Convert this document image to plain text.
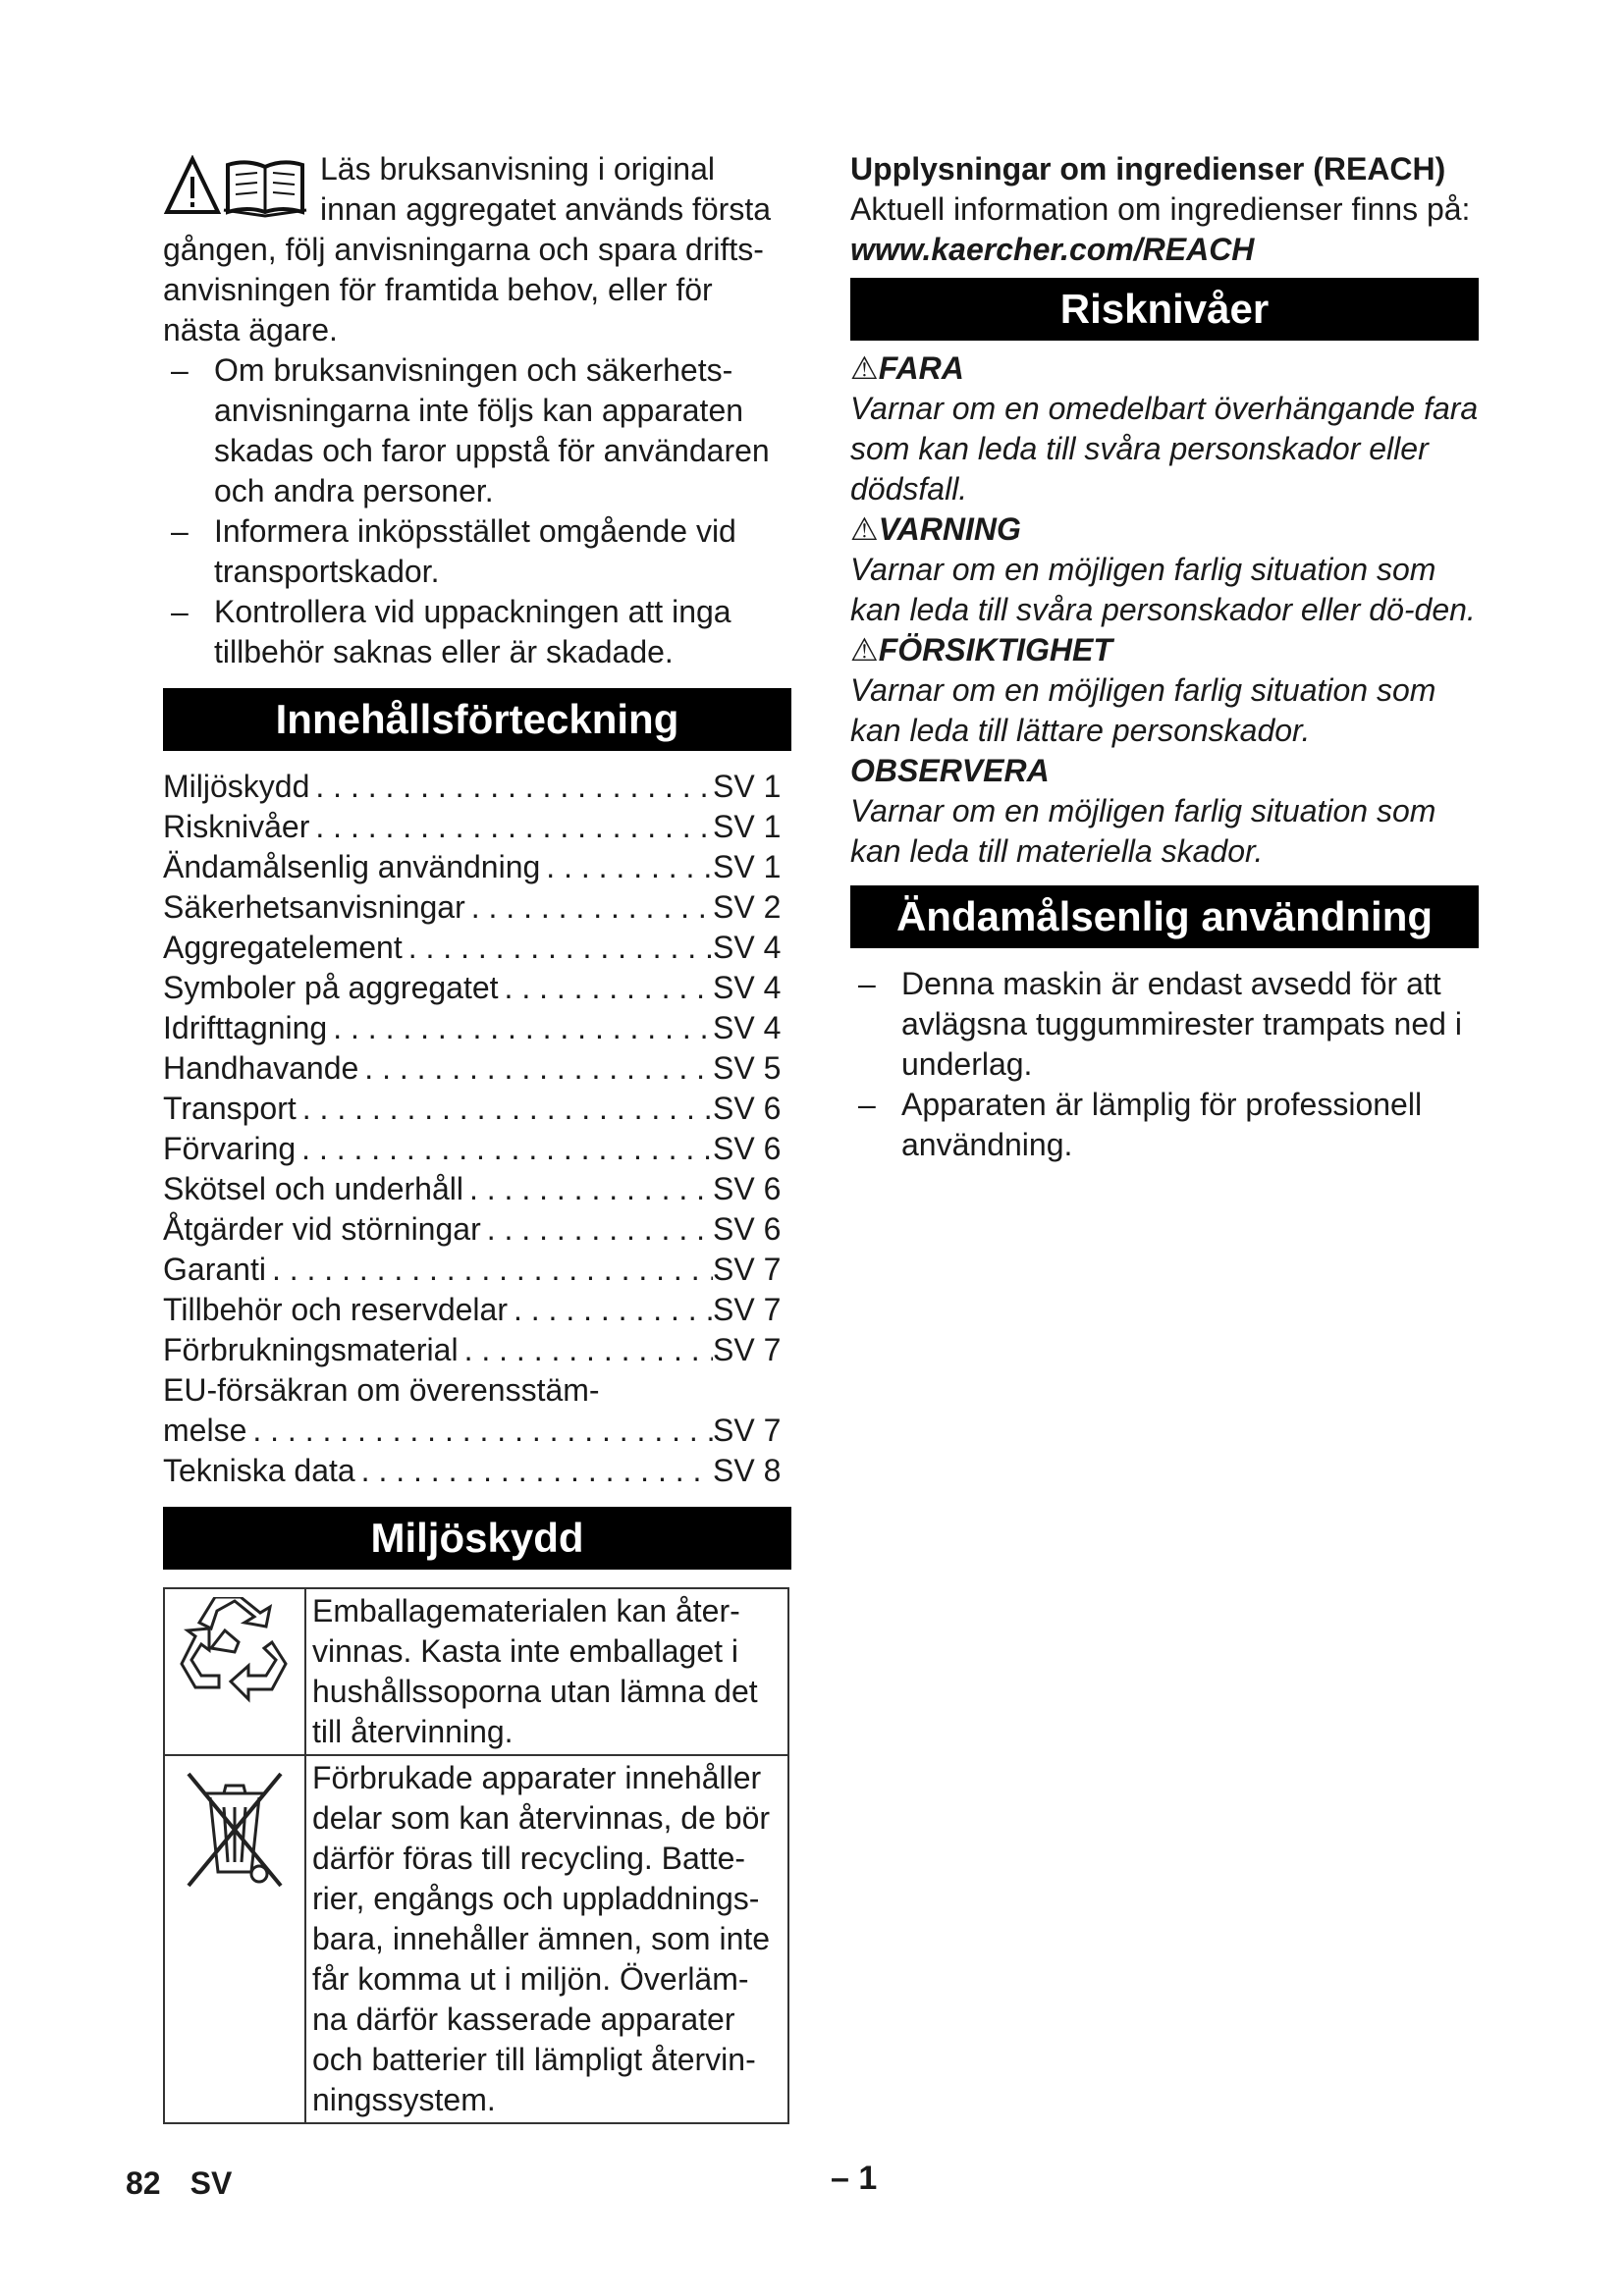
Läs bruksanvisning i original innan aggregatet används första gången, följ anvisningarna och spara drifts-anvisningen för framtida behov, eller för nästa ägare.
– Om bruksanvisningen och säkerhets-anvisningarna inte följs kan apparaten skadas och faror uppstå för användaren och andra personer.
– Informera inköpsstället omgående vid transportskador.
– Kontrollera vid uppackningen att inga tillbehör saknas eller är skadade.
Innehållsförteckning
Miljöskydd . . .	SV 1
Risknivåer . . .	SV 1
Ändamålsenlig användning . . .	SV 1
Säkerhetsanvisningar . . .	SV 2
Aggregatelement . . .	SV 4
Symboler på aggregatet . . .	SV 4
Idrifttagning . . .	SV 4
Handhavande . . .	SV 5
Transport . . .	SV 6
Förvaring . . .	SV 6
Skötsel och underhåll . . .	SV 6
Åtgärder vid störningar . . .	SV 6
Garanti . . .	SV 7
Tillbehör och reservdelar . . .	SV 7
Förbrukningsmaterial . . .	SV 7
EU-försäkran om överensstäm-
melse . . .	SV 7
Tekniska data . . .	SV 8
Miljöskydd
	Emballagematerialen kan åter-vinnas. Kasta inte emballaget i hushållssoporna utan lämna det till återvinning.
	Förbrukade apparater innehåller delar som kan återvinnas, de bör därför föras till recycling. Batte-rier, engångs och uppladdnings-bara, innehåller ämnen, som inte får komma ut i miljön. Överläm-na därför kasserade apparater och batterier till lämpligt återvin-ningssystem.
Upplysningar om ingredienser (REACH)
Aktuell information om ingredienser finns på:
www.kaercher.com/REACH
Risknivåer
⚠FARA
Varnar om en omedelbart överhängande fara som kan leda till svåra personskador eller dödsfall.
⚠VARNING
Varnar om en möjligen farlig situation som kan leda till svåra personskador eller dö-den.
⚠FÖRSIKTIGHET
Varnar om en möjligen farlig situation som kan leda till lättare personskador.
OBSERVERA
Varnar om en möjligen farlig situation som kan leda till materiella skador.
Ändamålsenlig användning
– Denna maskin är endast avsedd för att avlägsna tuggummirester trampats ned i underlag.
– Apparaten är lämplig för professionell användning.
82 SV	– 1
